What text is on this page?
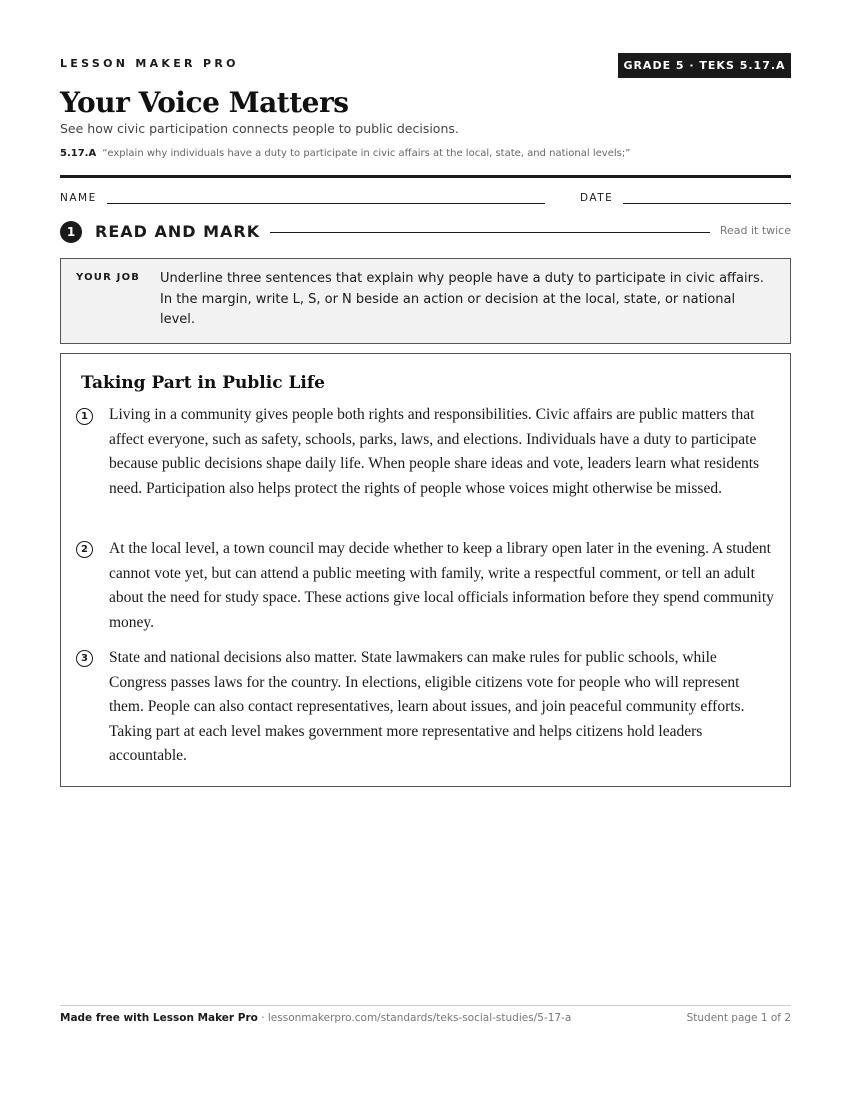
LESSON MAKER PRO	GRADE 5 · TEKS 5.17.A
Your Voice Matters
See how civic participation connects people to public decisions.
5.17.A “explain why individuals have a duty to participate in civic affairs at the local, state, and national levels;”
NAME	DATE
1	READ AND MARK	Read it twice
YOUR JOB Underline three sentences that explain why people have a duty to participate in civic affairs. In the margin, write L, S, or N beside an action or decision at the local, state, or national level.
Taking Part in Public Life
1	Living in a community gives people both rights and responsibilities. Civic affairs are public matters that affect everyone, such as safety, schools, parks, laws, and elections. Individuals have a duty to participate because public decisions shape daily life. When people share ideas and vote, leaders learn what residents need. Participation also helps protect the rights of people whose voices might otherwise be missed.

2	At the local level, a town council may decide whether to keep a library open later in the evening. A student cannot vote yet, but can attend a public meeting with family, write a respectful comment, or tell an adult about the need for study space. These actions give local officials information before they spend community money.

3	State and national decisions also matter. State lawmakers can make rules for public schools, while Congress passes laws for the country. In elections, eligible citizens vote for people who will represent them. People can also contact representatives, learn about issues, and join peaceful community efforts. Taking part at each level makes government more representative and helps citizens hold leaders accountable.

Made free with Lesson Maker Pro · lessonmakerpro.com/standards/teks-social-studies/5-17-a	Student page 1 of 2
